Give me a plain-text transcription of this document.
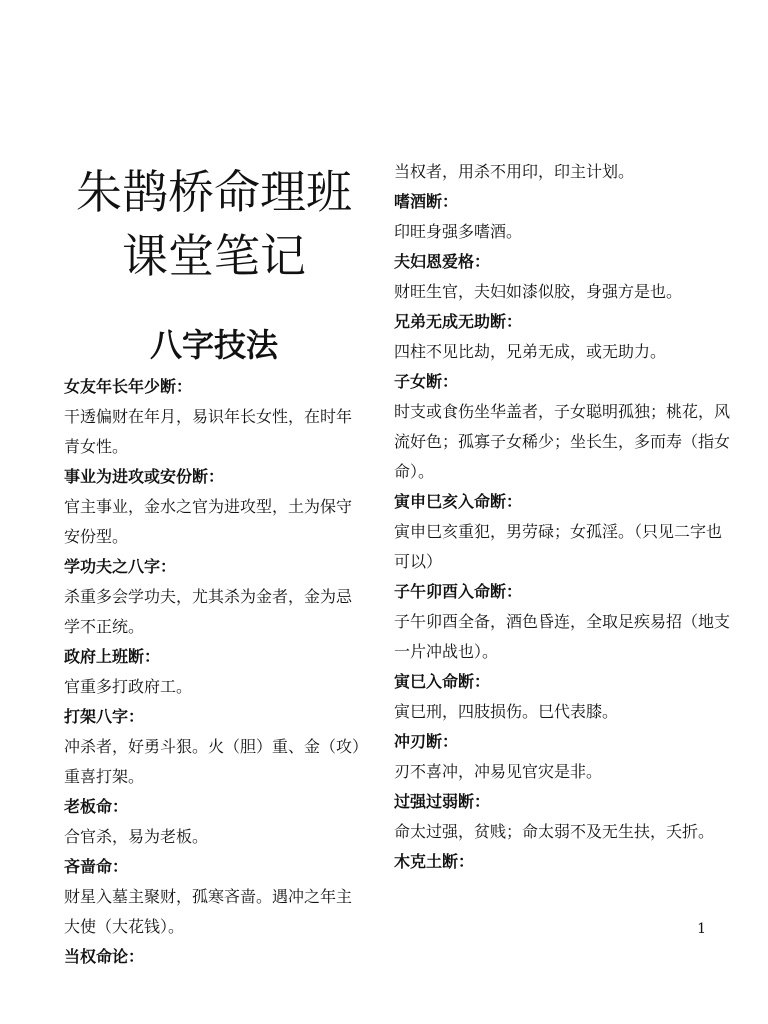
朱鹊桥命理班课堂笔记
八字技法

女友年长年少断：

干透偏财在年月，易识年长女性，在时年青女性。

事业为进攻或安份断：

官主事业，金水之官为进攻型，土为保守安份型。

学功夫之八字：

杀重多会学功夫，尤其杀为金者，金为忌学不正统。

政府上班断：

官重多打政府工。

打架八字：

冲杀者，好勇斗狠。火（胆）重、金（攻）重喜打架。

老板命：

合官杀，易为老板。

吝啬命：

财星入墓主聚财，孤寒吝啬。遇冲之年主大使（大花钱）。

当权命论：

当权者，用杀不用印，印主计划。

嗜酒断：

印旺身强多嗜酒。

夫妇恩爱格：

财旺生官，夫妇如漆似胶，身强方是也。

兄弟无成无助断：

四柱不见比劫，兄弟无成，或无助力。

子女断：

时支或食伤坐华盖者，子女聪明孤独；桃花，风流好色；孤寡子女稀少；坐长生，多而寿（指女命）。

寅申巳亥入命断：

寅申巳亥重犯，男劳碌；女孤淫。（只见二字也可以）

子午卯酉入命断：

子午卯酉全备，酒色昏连，全取足疾易招（地支一片冲战也）。

寅巳入命断：

寅巳刑，四肢损伤。巳代表膝。

冲刃断：

刃不喜冲，冲易见官灾是非。

过强过弱断：

命太过强，贫贱；命太弱不及无生扶，夭折。

木克土断：

1
